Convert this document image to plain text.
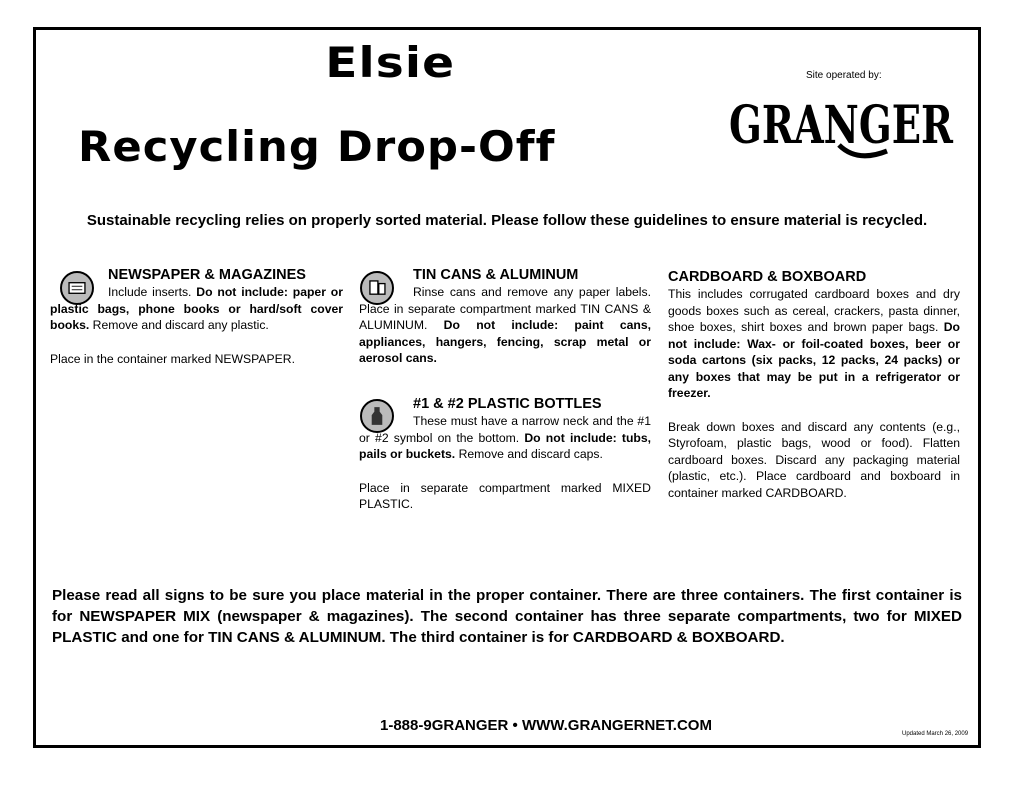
Elsie
Recycling Drop-Off
Site operated by:
GRANGER
Sustainable recycling relies on properly sorted material. Please follow these guidelines to ensure material is recycled.

NEWSPAPER & MAGAZINES

Include inserts. Do not include: paper or plastic bags, phone books or hard/soft cover books. Remove and discard any plastic.

Place in the container marked NEWSPAPER.

TIN CANS & ALUMINUM

Rinse cans and remove any paper labels. Place in separate compartment marked TIN CANS & ALUMINUM. Do not include: paint cans, appliances, hangers, fencing, scrap metal or aerosol cans.

#1 & #2 PLASTIC BOTTLES

These must have a narrow neck and the #1 or #2 symbol on the bottom. Do not include: tubs, pails or buckets. Remove and discard caps.

Place in separate compartment marked MIXED PLASTIC.

CARDBOARD & BOXBOARD

This includes corrugated cardboard boxes and dry goods boxes such as cereal, crackers, pasta dinner, shoe boxes, shirt boxes and brown paper bags. Do not include: Wax- or foil-coated boxes, beer or soda cartons (six packs, 12 packs, 24 packs) or any boxes that may be put in a refrigerator or freezer.

Break down boxes and discard any contents (e.g., Styrofoam, plastic bags, wood or food). Flatten cardboard boxes. Discard any packaging material (plastic, etc.). Place cardboard and boxboard in container marked CARDBOARD.

Please read all signs to be sure you place material in the proper container. There are three containers. The first container is for NEWSPAPER MIX (newspaper & magazines). The second container has three separate compartments, two for MIXED PLASTIC and one for TIN CANS & ALUMINUM. The third container is for CARDBOARD & BOXBOARD.
1-888-9GRANGER • WWW.GRANGERNET.COM	Updated March 26, 2009
